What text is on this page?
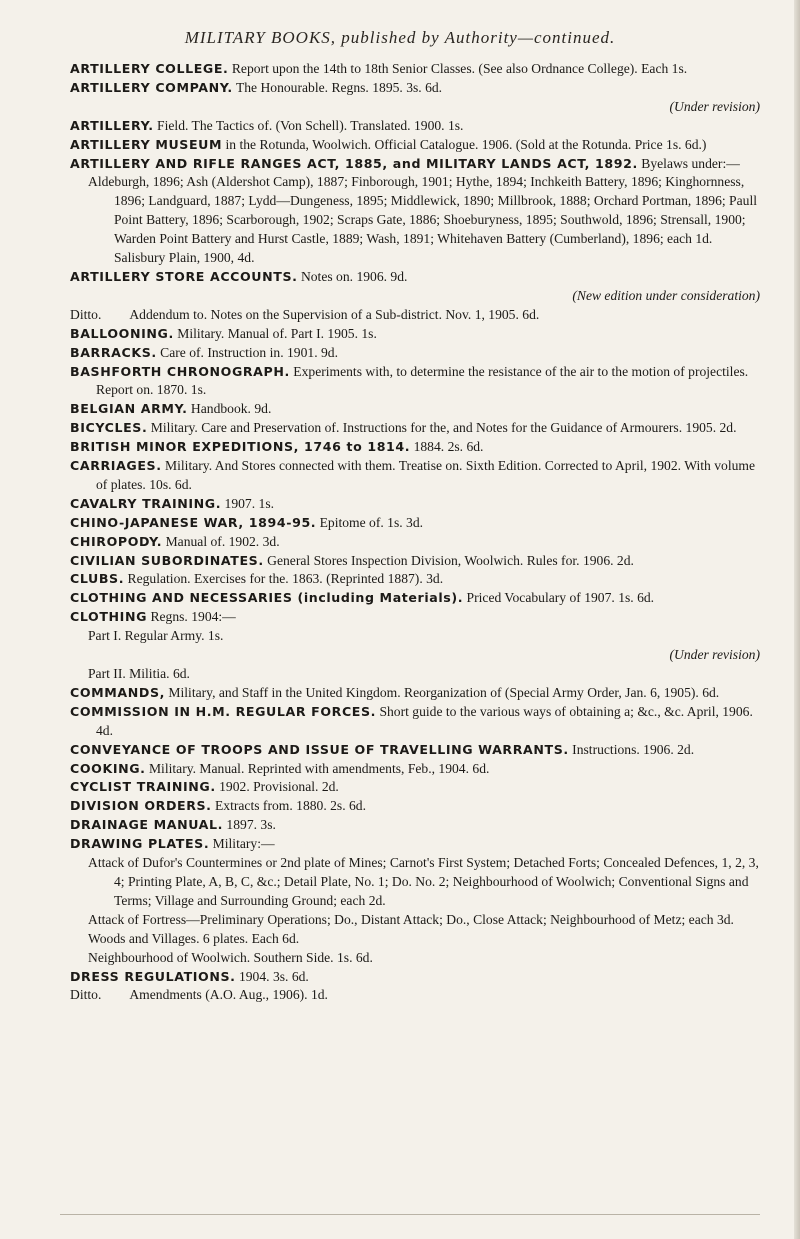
MILITARY BOOKS, published by Authority—continued.

ARTILLERY COLLEGE. Report upon the 14th to 18th Senior Classes. (See also Ordnance College). Each 1s.

ARTILLERY COMPANY. The Honourable. Regns. 1895. 3s. 6d.
(Under revision)

ARTILLERY. Field. The Tactics of. (Von Schell). Translated. 1900. 1s.

ARTILLERY MUSEUM in the Rotunda, Woolwich. Official Catalogue. 1906. (Sold at the Rotunda. Price 1s. 6d.)

ARTILLERY AND RIFLE RANGES ACT, 1885, and MILITARY LANDS ACT, 1892. Byelaws under:—

Aldeburgh, 1896; Ash (Aldershot Camp), 1887; Finborough, 1901; Hythe, 1894; Inchkeith Battery, 1896; Kinghornness, 1896; Landguard, 1887; Lydd—Dungeness, 1895; Middlewick, 1890; Millbrook, 1888; Orchard Portman, 1896; Paull Point Battery, 1896; Scarborough, 1902; Scraps Gate, 1886; Shoeburyness, 1895; Southwold, 1896; Strensall, 1900; Warden Point Battery and Hurst Castle, 1889; Wash, 1891; Whitehaven Battery (Cumberland), 1896; each 1d. Salisbury Plain, 1900, 4d.

ARTILLERY STORE ACCOUNTS. Notes on. 1906. 9d.
(New edition under consideration)

Ditto. Addendum to. Notes on the Supervision of a Sub-district. Nov. 1, 1905. 6d.

BALLOONING. Military. Manual of. Part I. 1905. 1s.

BARRACKS. Care of. Instruction in. 1901. 9d.

BASHFORTH CHRONOGRAPH. Experiments with, to determine the resistance of the air to the motion of projectiles. Report on. 1870. 1s.

BELGIAN ARMY. Handbook. 9d.

BICYCLES. Military. Care and Preservation of. Instructions for the, and Notes for the Guidance of Armourers. 1905. 2d.

BRITISH MINOR EXPEDITIONS, 1746 to 1814. 1884. 2s. 6d.

CARRIAGES. Military. And Stores connected with them. Treatise on. Sixth Edition. Corrected to April, 1902. With volume of plates. 10s. 6d.

CAVALRY TRAINING. 1907. 1s.

CHINO-JAPANESE WAR, 1894-95. Epitome of. 1s. 3d.

CHIROPODY. Manual of. 1902. 3d.

CIVILIAN SUBORDINATES. General Stores Inspection Division, Woolwich. Rules for. 1906. 2d.

CLUBS. Regulation. Exercises for the. 1863. (Reprinted 1887). 3d.

CLOTHING AND NECESSARIES (including Materials). Priced Vocabulary of 1907. 1s. 6d.

CLOTHING Regns. 1904:—

Part I. Regular Army. 1s.
(Under revision)

Part II. Militia. 6d.

COMMANDS, Military, and Staff in the United Kingdom. Reorganization of (Special Army Order, Jan. 6, 1905). 6d.

COMMISSION IN H.M. REGULAR FORCES. Short guide to the various ways of obtaining a; &c., &c. April, 1906. 4d.

CONVEYANCE OF TROOPS AND ISSUE OF TRAVELLING WARRANTS. Instructions. 1906. 2d.

COOKING. Military. Manual. Reprinted with amendments, Feb., 1904. 6d.

CYCLIST TRAINING. 1902. Provisional. 2d.

DIVISION ORDERS. Extracts from. 1880. 2s. 6d.

DRAINAGE MANUAL. 1897. 3s.

DRAWING PLATES. Military:—

Attack of Dufor's Countermines or 2nd plate of Mines; Carnot's First System; Detached Forts; Concealed Defences, 1, 2, 3, 4; Printing Plate, A, B, C, &c.; Detail Plate, No. 1; Do. No. 2; Neighbourhood of Woolwich; Conventional Signs and Terms; Village and Surrounding Ground; each 2d.

Attack of Fortress—Preliminary Operations; Do., Distant Attack; Do., Close Attack; Neighbourhood of Metz; each 3d.

Woods and Villages. 6 plates. Each 6d.

Neighbourhood of Woolwich. Southern Side. 1s. 6d.

DRESS REGULATIONS. 1904. 3s. 6d.

Ditto. Amendments (A.O. Aug., 1906). 1d.
